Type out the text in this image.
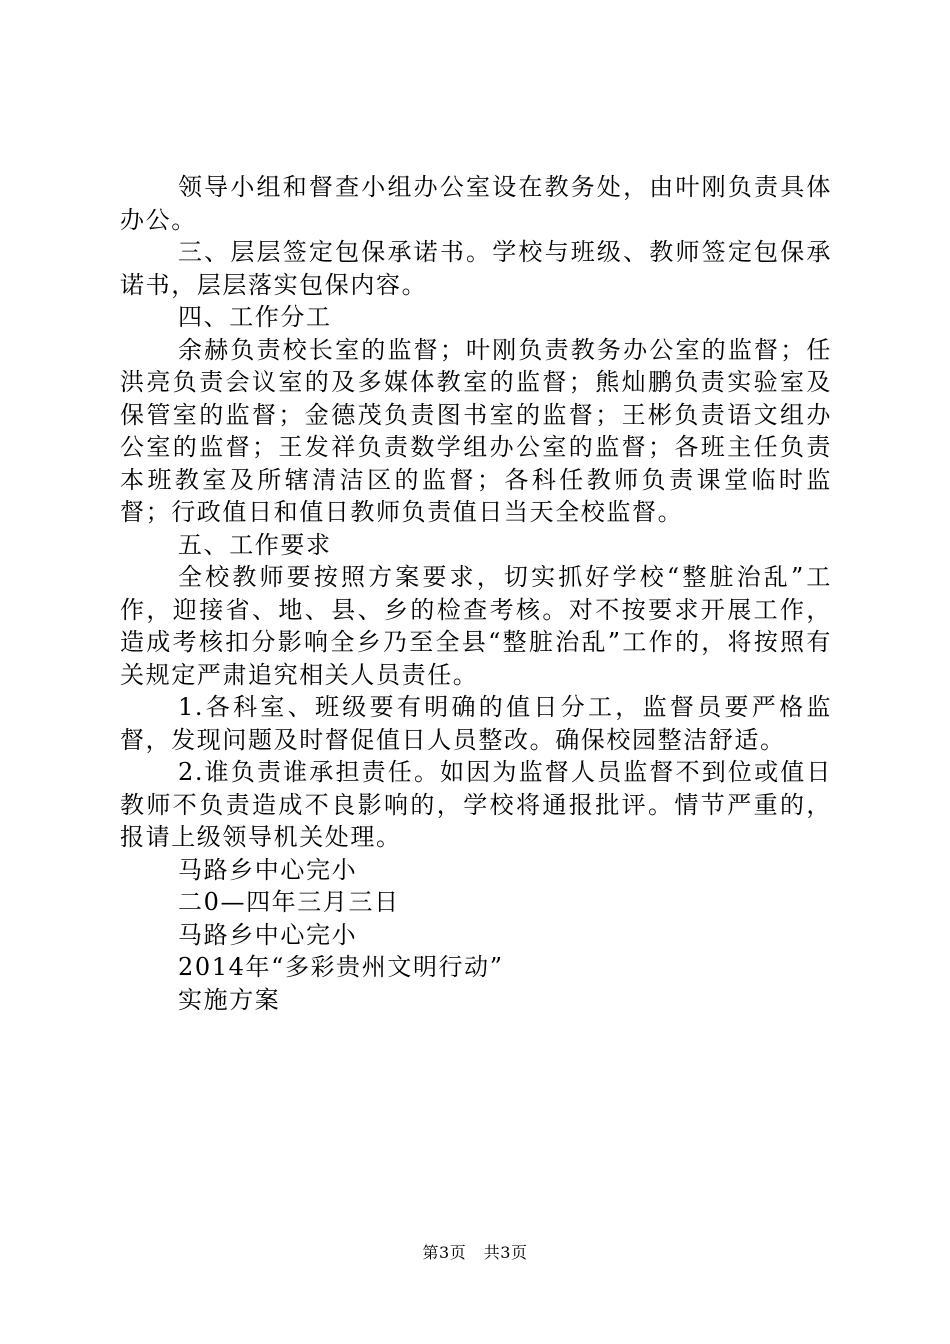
领导小组和督查小组办公室设在教务处，由叶刚负责具体办公。

三、层层签定包保承诺书。学校与班级、教师签定包保承诺书，层层落实包保内容。

四、工作分工

余赫负责校长室的监督；叶刚负责教务办公室的监督；任洪亮负责会议室的及多媒体教室的监督；熊灿鹏负责实验室及保管室的监督；金德茂负责图书室的监督；王彬负责语文组办公室的监督；王发祥负责数学组办公室的监督；各班主任负责本班教室及所辖清洁区的监督；各科任教师负责课堂临时监督；行政值日和值日教师负责值日当天全校监督。

五、工作要求

全校教师要按照方案要求，切实抓好学校“整脏治乱”工作，迎接省、地、县、乡的检查考核。对不按要求开展工作，造成考核扣分影响全乡乃至全县“整脏治乱”工作的，将按照有关规定严肃追究相关人员责任。

1.各科室、班级要有明确的值日分工，监督员要严格监督，发现问题及时督促值日人员整改。确保校园整洁舒适。

2.谁负责谁承担责任。如因为监督人员监督不到位或值日教师不负责造成不良影响的，学校将通报批评。情节严重的，报请上级领导机关处理。

马路乡中心完小
二0—四年三月三日
马路乡中心完小
2014年“多彩贵州文明行动”
实施方案
第3页 共3页
